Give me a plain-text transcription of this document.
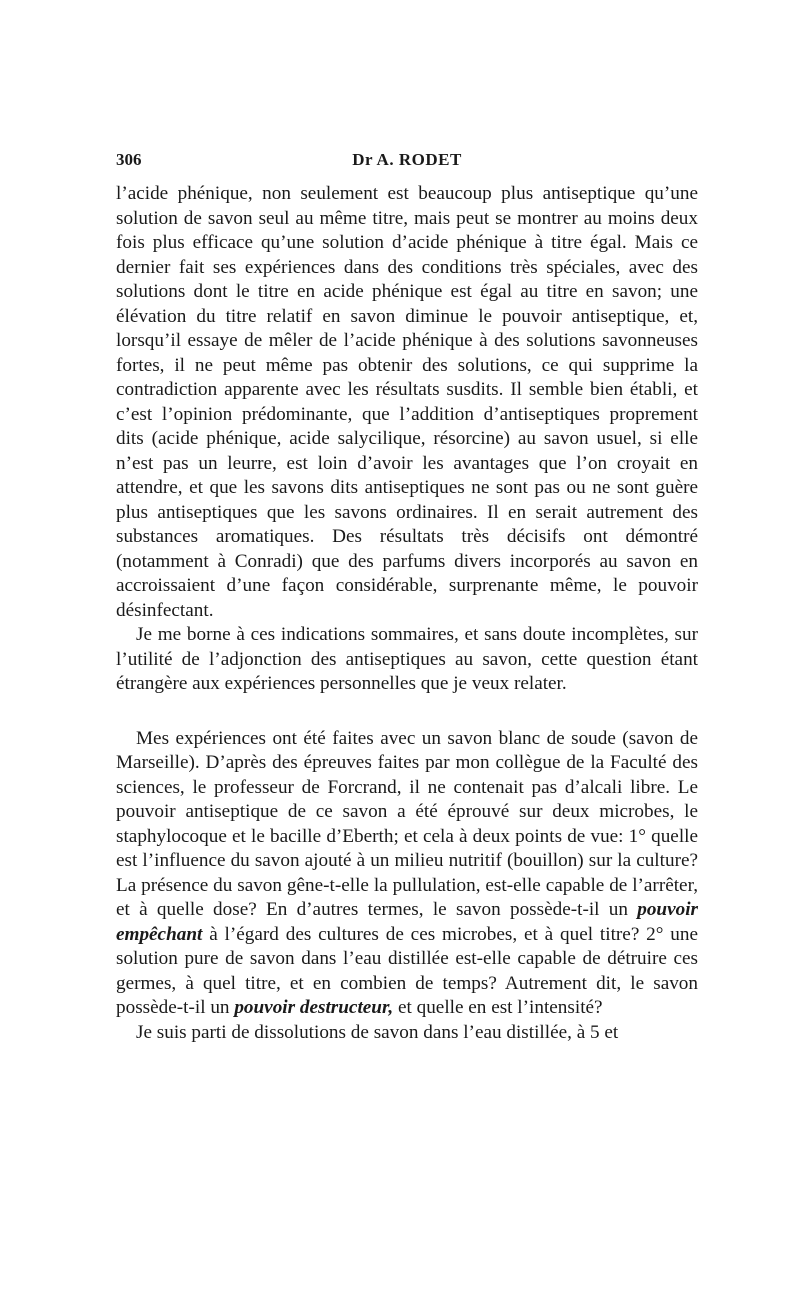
306	Dr A. RODET

l’acide phénique, non seulement est beaucoup plus antiseptique qu’une solution de savon seul au même titre, mais peut se montrer au moins deux fois plus efficace qu’une solution d’acide phénique à titre égal. Mais ce dernier fait ses expériences dans des conditions très spéciales, avec des solutions dont le titre en acide phénique est égal au titre en savon; une élévation du titre relatif en savon diminue le pouvoir antiseptique, et, lorsqu’il essaye de mêler de l’acide phénique à des solutions savonneuses fortes, il ne peut même pas obtenir des solutions, ce qui supprime la contradiction apparente avec les résultats susdits. Il semble bien établi, et c’est l’opinion prédominante, que l’addition d’antiseptiques proprement dits (acide phénique, acide salycilique, résorcine) au savon usuel, si elle n’est pas un leurre, est loin d’avoir les avantages que l’on croyait en attendre, et que les savons dits antiseptiques ne sont pas ou ne sont guère plus antiseptiques que les savons ordinaires. Il en serait autrement des substances aromatiques. Des résultats très décisifs ont démontré (notamment à Conradi) que des parfums divers incorporés au savon en accroissaient d’une façon considérable, surprenante même, le pouvoir désinfectant.

Je me borne à ces indications sommaires, et sans doute incomplètes, sur l’utilité de l’adjonction des antiseptiques au savon, cette question étant étrangère aux expériences personnelles que je veux relater.

Mes expériences ont été faites avec un savon blanc de soude (savon de Marseille). D’après des épreuves faites par mon collègue de la Faculté des sciences, le professeur de Forcrand, il ne contenait pas d’alcali libre. Le pouvoir antiseptique de ce savon a été éprouvé sur deux microbes, le staphylocoque et le bacille d’Eberth; et cela à deux points de vue: 1° quelle est l’influence du savon ajouté à un milieu nutritif (bouillon) sur la culture? La présence du savon gêne-t-elle la pullulation, est-elle capable de l’arrêter, et à quelle dose? En d’autres termes, le savon possède-t-il un pouvoir empêchant à l’égard des cultures de ces microbes, et à quel titre? 2° une solution pure de savon dans l’eau distillée est-elle capable de détruire ces germes, à quel titre, et en combien de temps? Autrement dit, le savon possède-t-il un pouvoir destructeur, et quelle en est l’intensité?

Je suis parti de dissolutions de savon dans l’eau distillée, à 5 et
